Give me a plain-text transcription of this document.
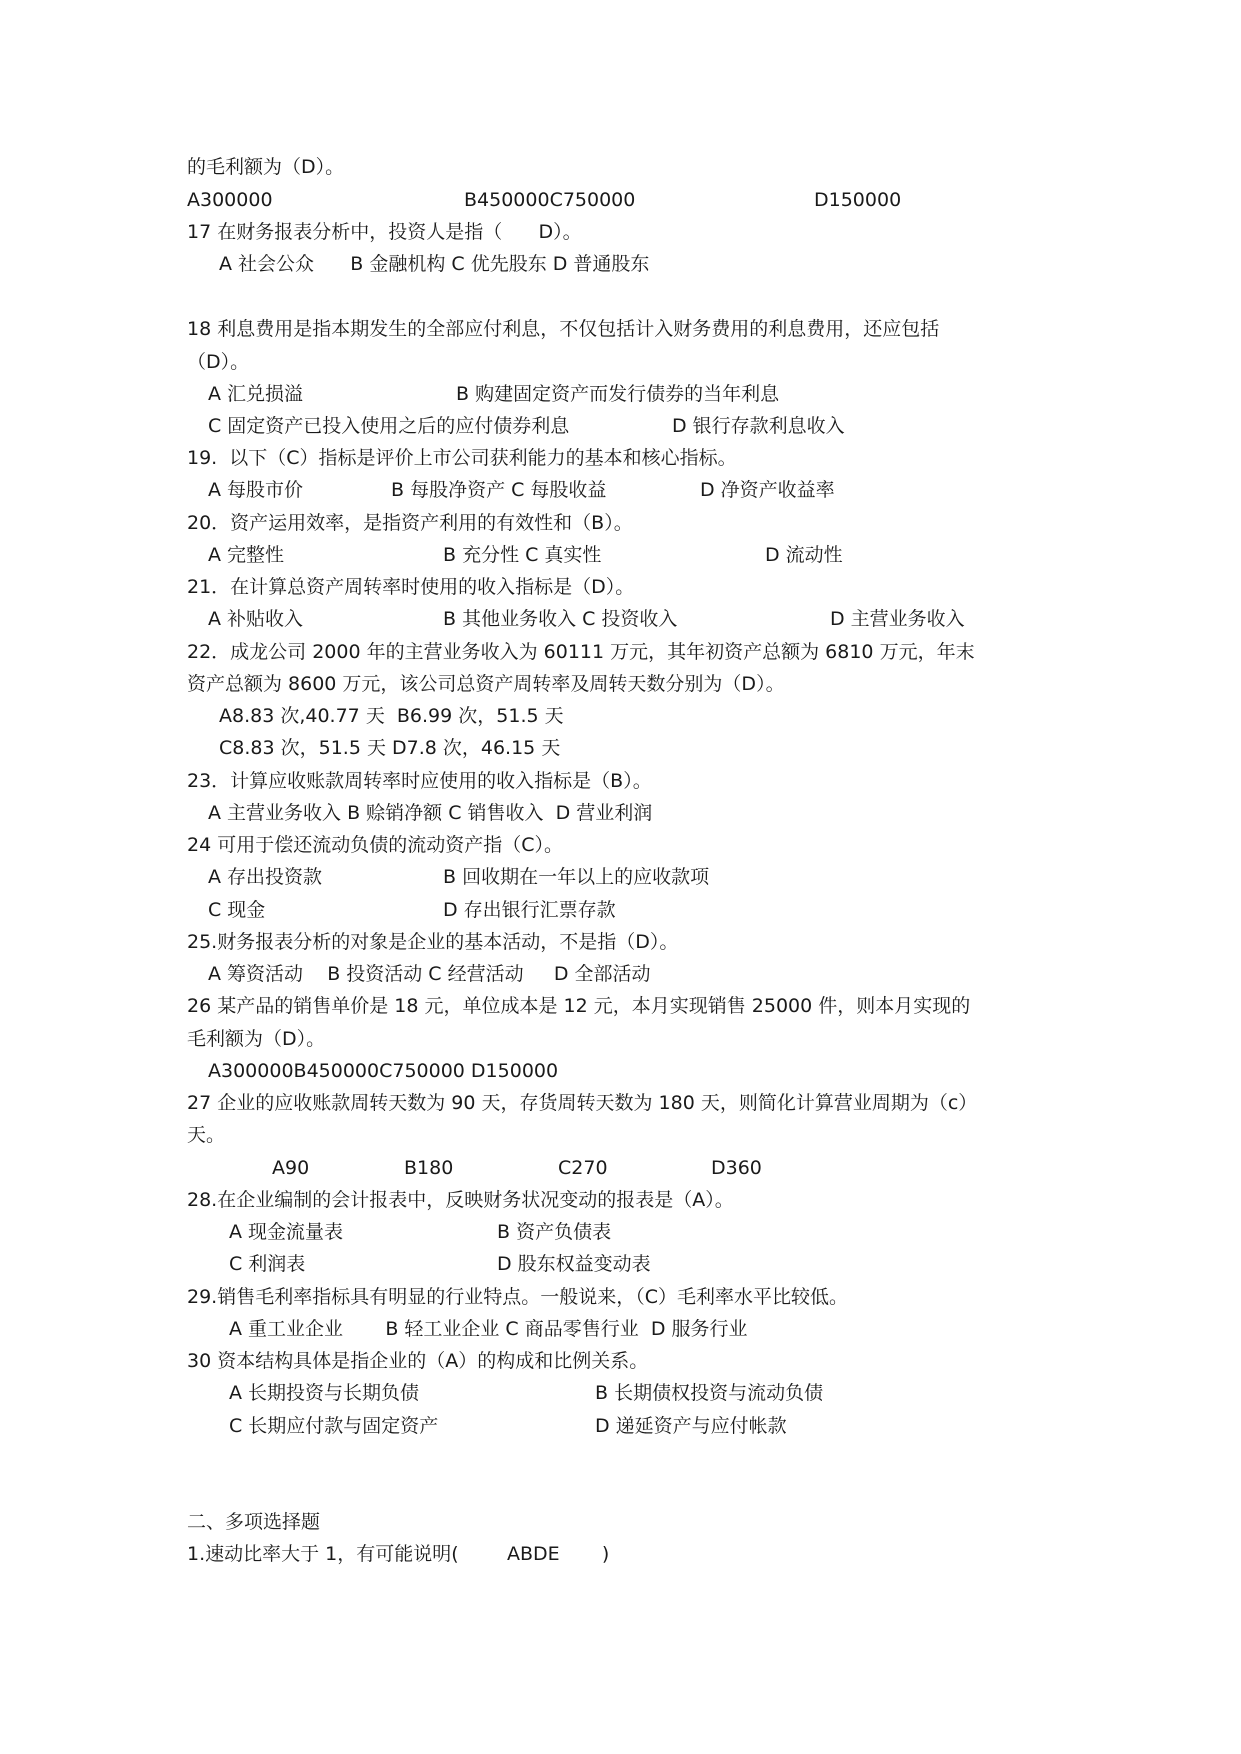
的毛利额为（D）。
A300000	B450000C750000	D150000
17 在财务报表分析中，投资人是指（      D）。
A 社会公众      B 金融机构 C 优先股东 D 普通股东
18 利息费用是指本期发生的全部应付利息，不仅包括计入财务费用的利息费用，还应包括
（D）。
A 汇兑损溢	B 购建固定资产而发行债券的当年利息
C 固定资产已投入使用之后的应付债券利息	D 银行存款利息收入
19.  以下（C）指标是评价上市公司获利能力的基本和核心指标。
A 每股市价	B 每股净资产 C 每股收益	D 净资产收益率
20．资产运用效率，是指资产利用的有效性和（B）。
A 完整性	B 充分性 C 真实性	D 流动性
21．在计算总资产周转率时使用的收入指标是（D）。
A 补贴收入	B 其他业务收入 C 投资收入	D 主营业务收入
22．成龙公司 2000 年的主营业务收入为 60111 万元，其年初资产总额为 6810 万元，年末
资产总额为 8600 万元，该公司总资产周转率及周转天数分别为（D）。
A8.83 次,40.77 天  B6.99 次，51.5 天
C8.83 次，51.5 天 D7.8 次，46.15 天
23．计算应收账款周转率时应使用的收入指标是（B）。
A 主营业务收入 B 赊销净额 C 销售收入  D 营业利润
24 可用于偿还流动负债的流动资产指（C）。
A 存出投资款	B 回收期在一年以上的应收款项
C 现金	D 存出银行汇票存款
25.财务报表分析的对象是企业的基本活动，不是指（D）。
A 筹资活动    B 投资活动 C 经营活动     D 全部活动
26 某产品的销售单价是 18 元，单位成本是 12 元，本月实现销售 25000 件，则本月实现的
毛利额为（D）。
A300000B450000C750000 D150000
27 企业的应收账款周转天数为 90 天，存货周转天数为 180 天，则简化计算营业周期为（c）
天。
A90	B180	C270	D360
28.在企业编制的会计报表中，反映财务状况变动的报表是（A）。
A 现金流量表	B 资产负债表
C 利润表	D 股东权益变动表
29.销售毛利率指标具有明显的行业特点。一般说来，（C）毛利率水平比较低。
A 重工业企业       B 轻工业企业 C 商品零售行业  D 服务行业
30 资本结构具体是指企业的（A）的构成和比例关系。
A 长期投资与长期负债	B 长期债权投资与流动负债
C 长期应付款与固定资产	D 递延资产与应付帐款
二、多项选择题
1.速动比率大于 1，有可能说明(        ABDE       )
